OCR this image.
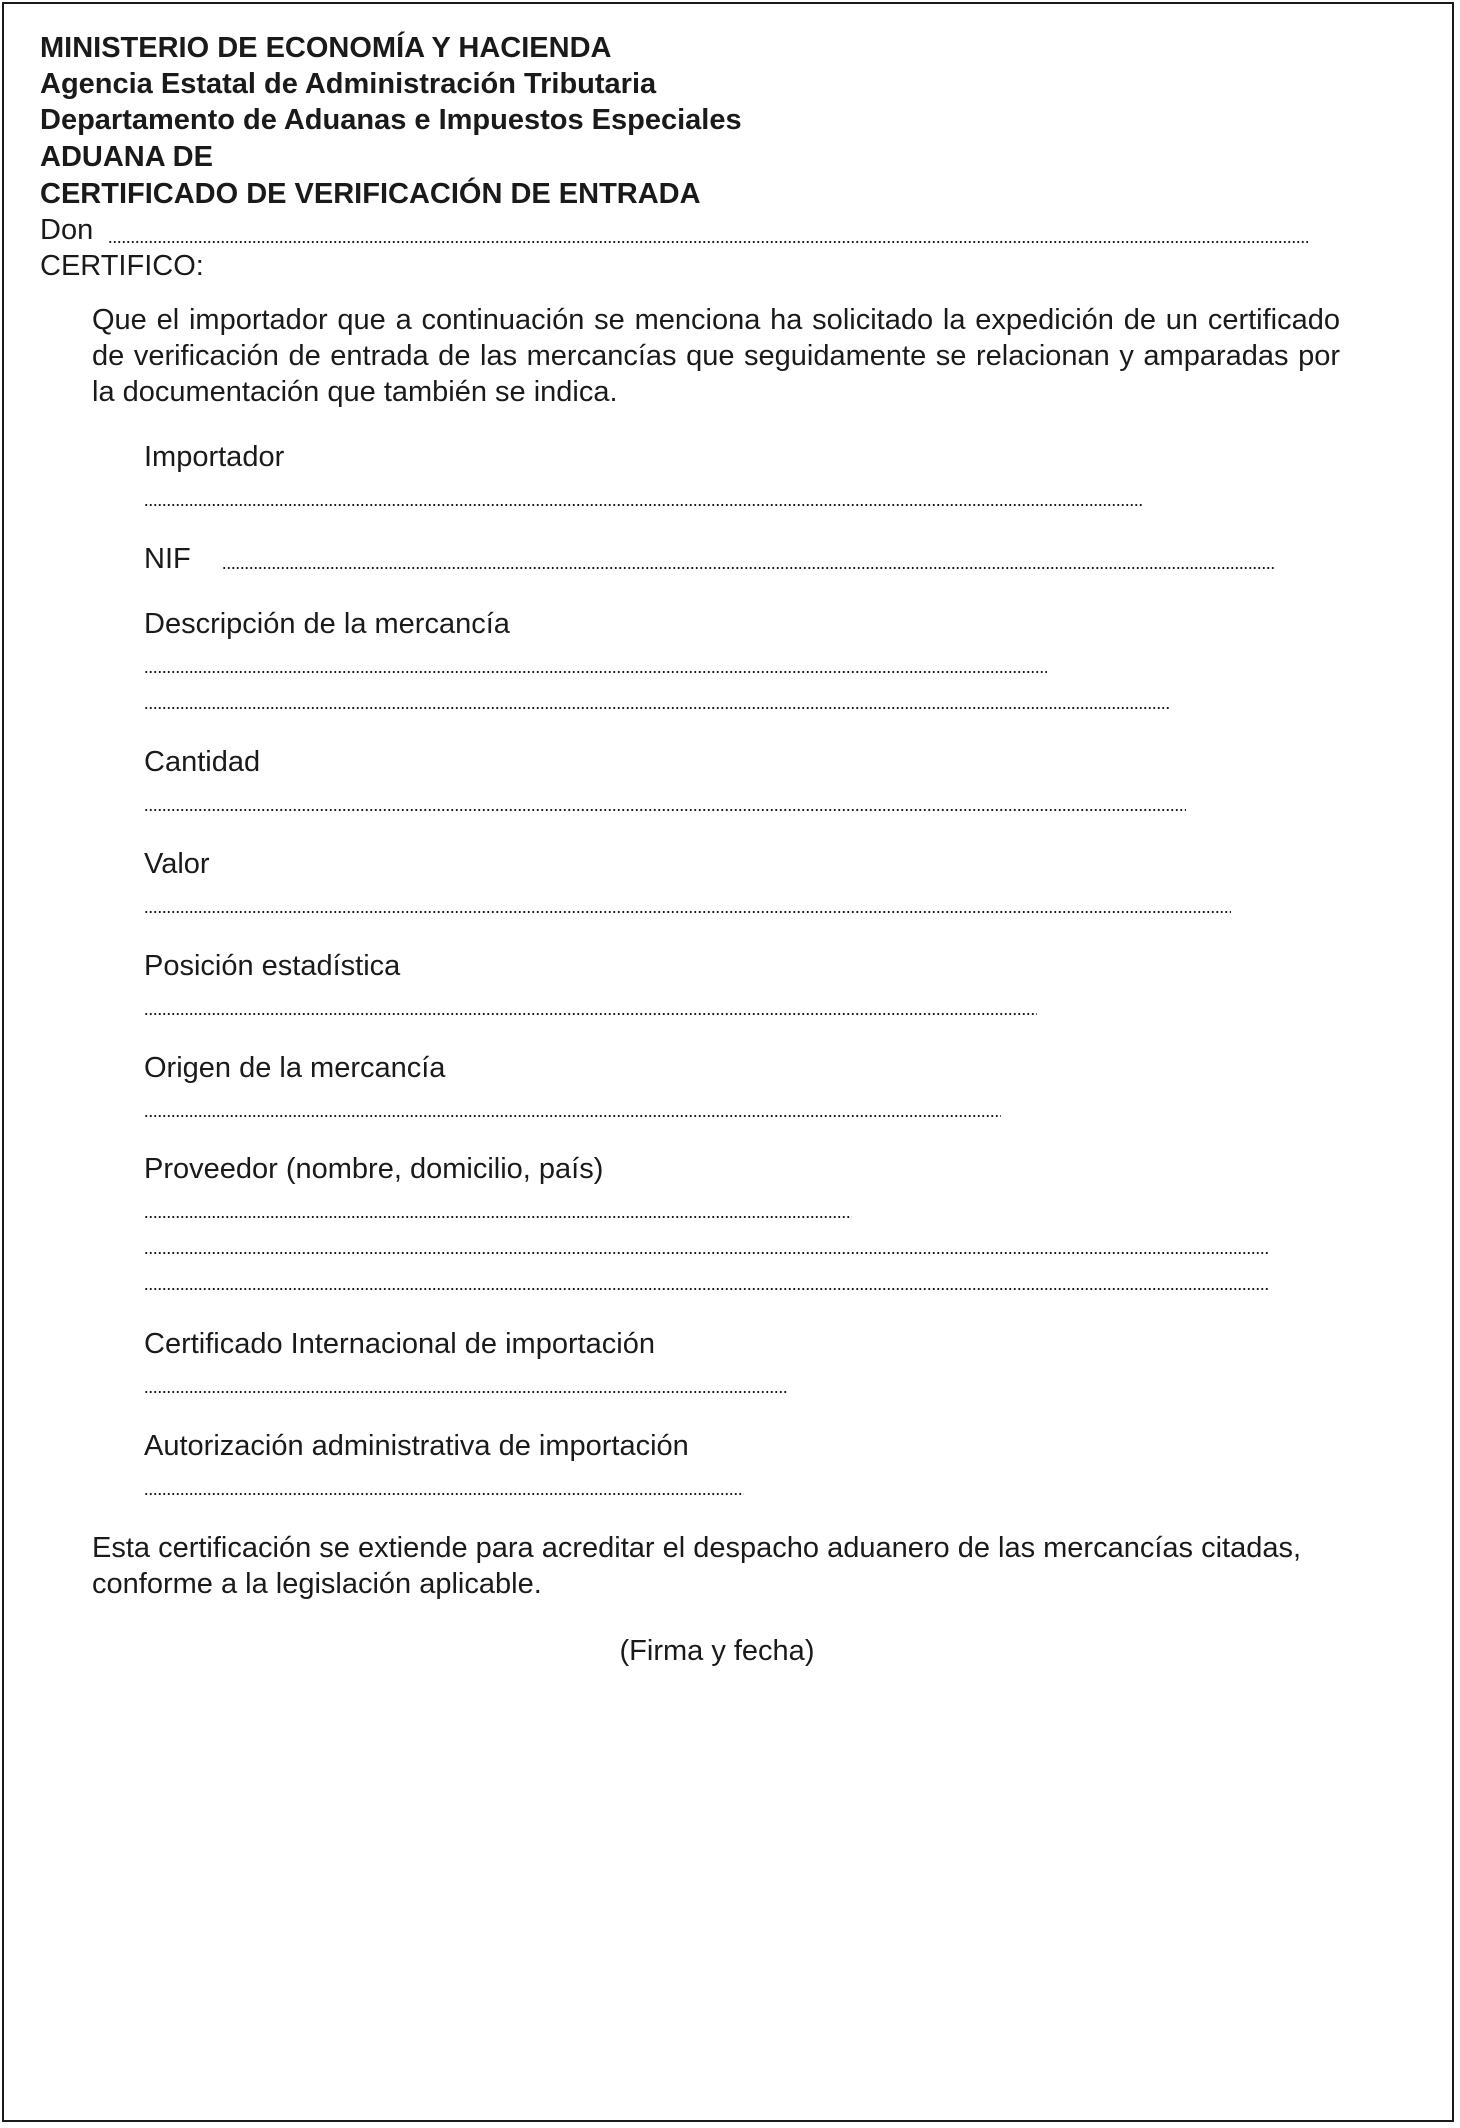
MINISTERIO DE ECONOMÍA Y HACIENDA
Agencia Estatal de Administración Tributaria
Departamento de Aduanas e Impuestos Especiales
ADUANA DE
CERTIFICADO DE VERIFICACIÓN DE ENTRADA
Don
CERTIFICO:
Que el importador que a continuación se menciona ha solicitado la expedición de un certificado de verificación de entrada de las mercancías que seguidamente se relacionan y amparadas por la documentación que también se indica.
Importador
NIF
Descripción de la mercancía
Cantidad
Valor
Posición estadística
Origen de la mercancía
Proveedor (nombre, domicilio, país)
Certificado Internacional de importación
Autorización administrativa de importación
Esta certificación se extiende para acreditar el despacho aduanero de las mercancías citadas, conforme a la legislación aplicable.
(Firma y fecha)
